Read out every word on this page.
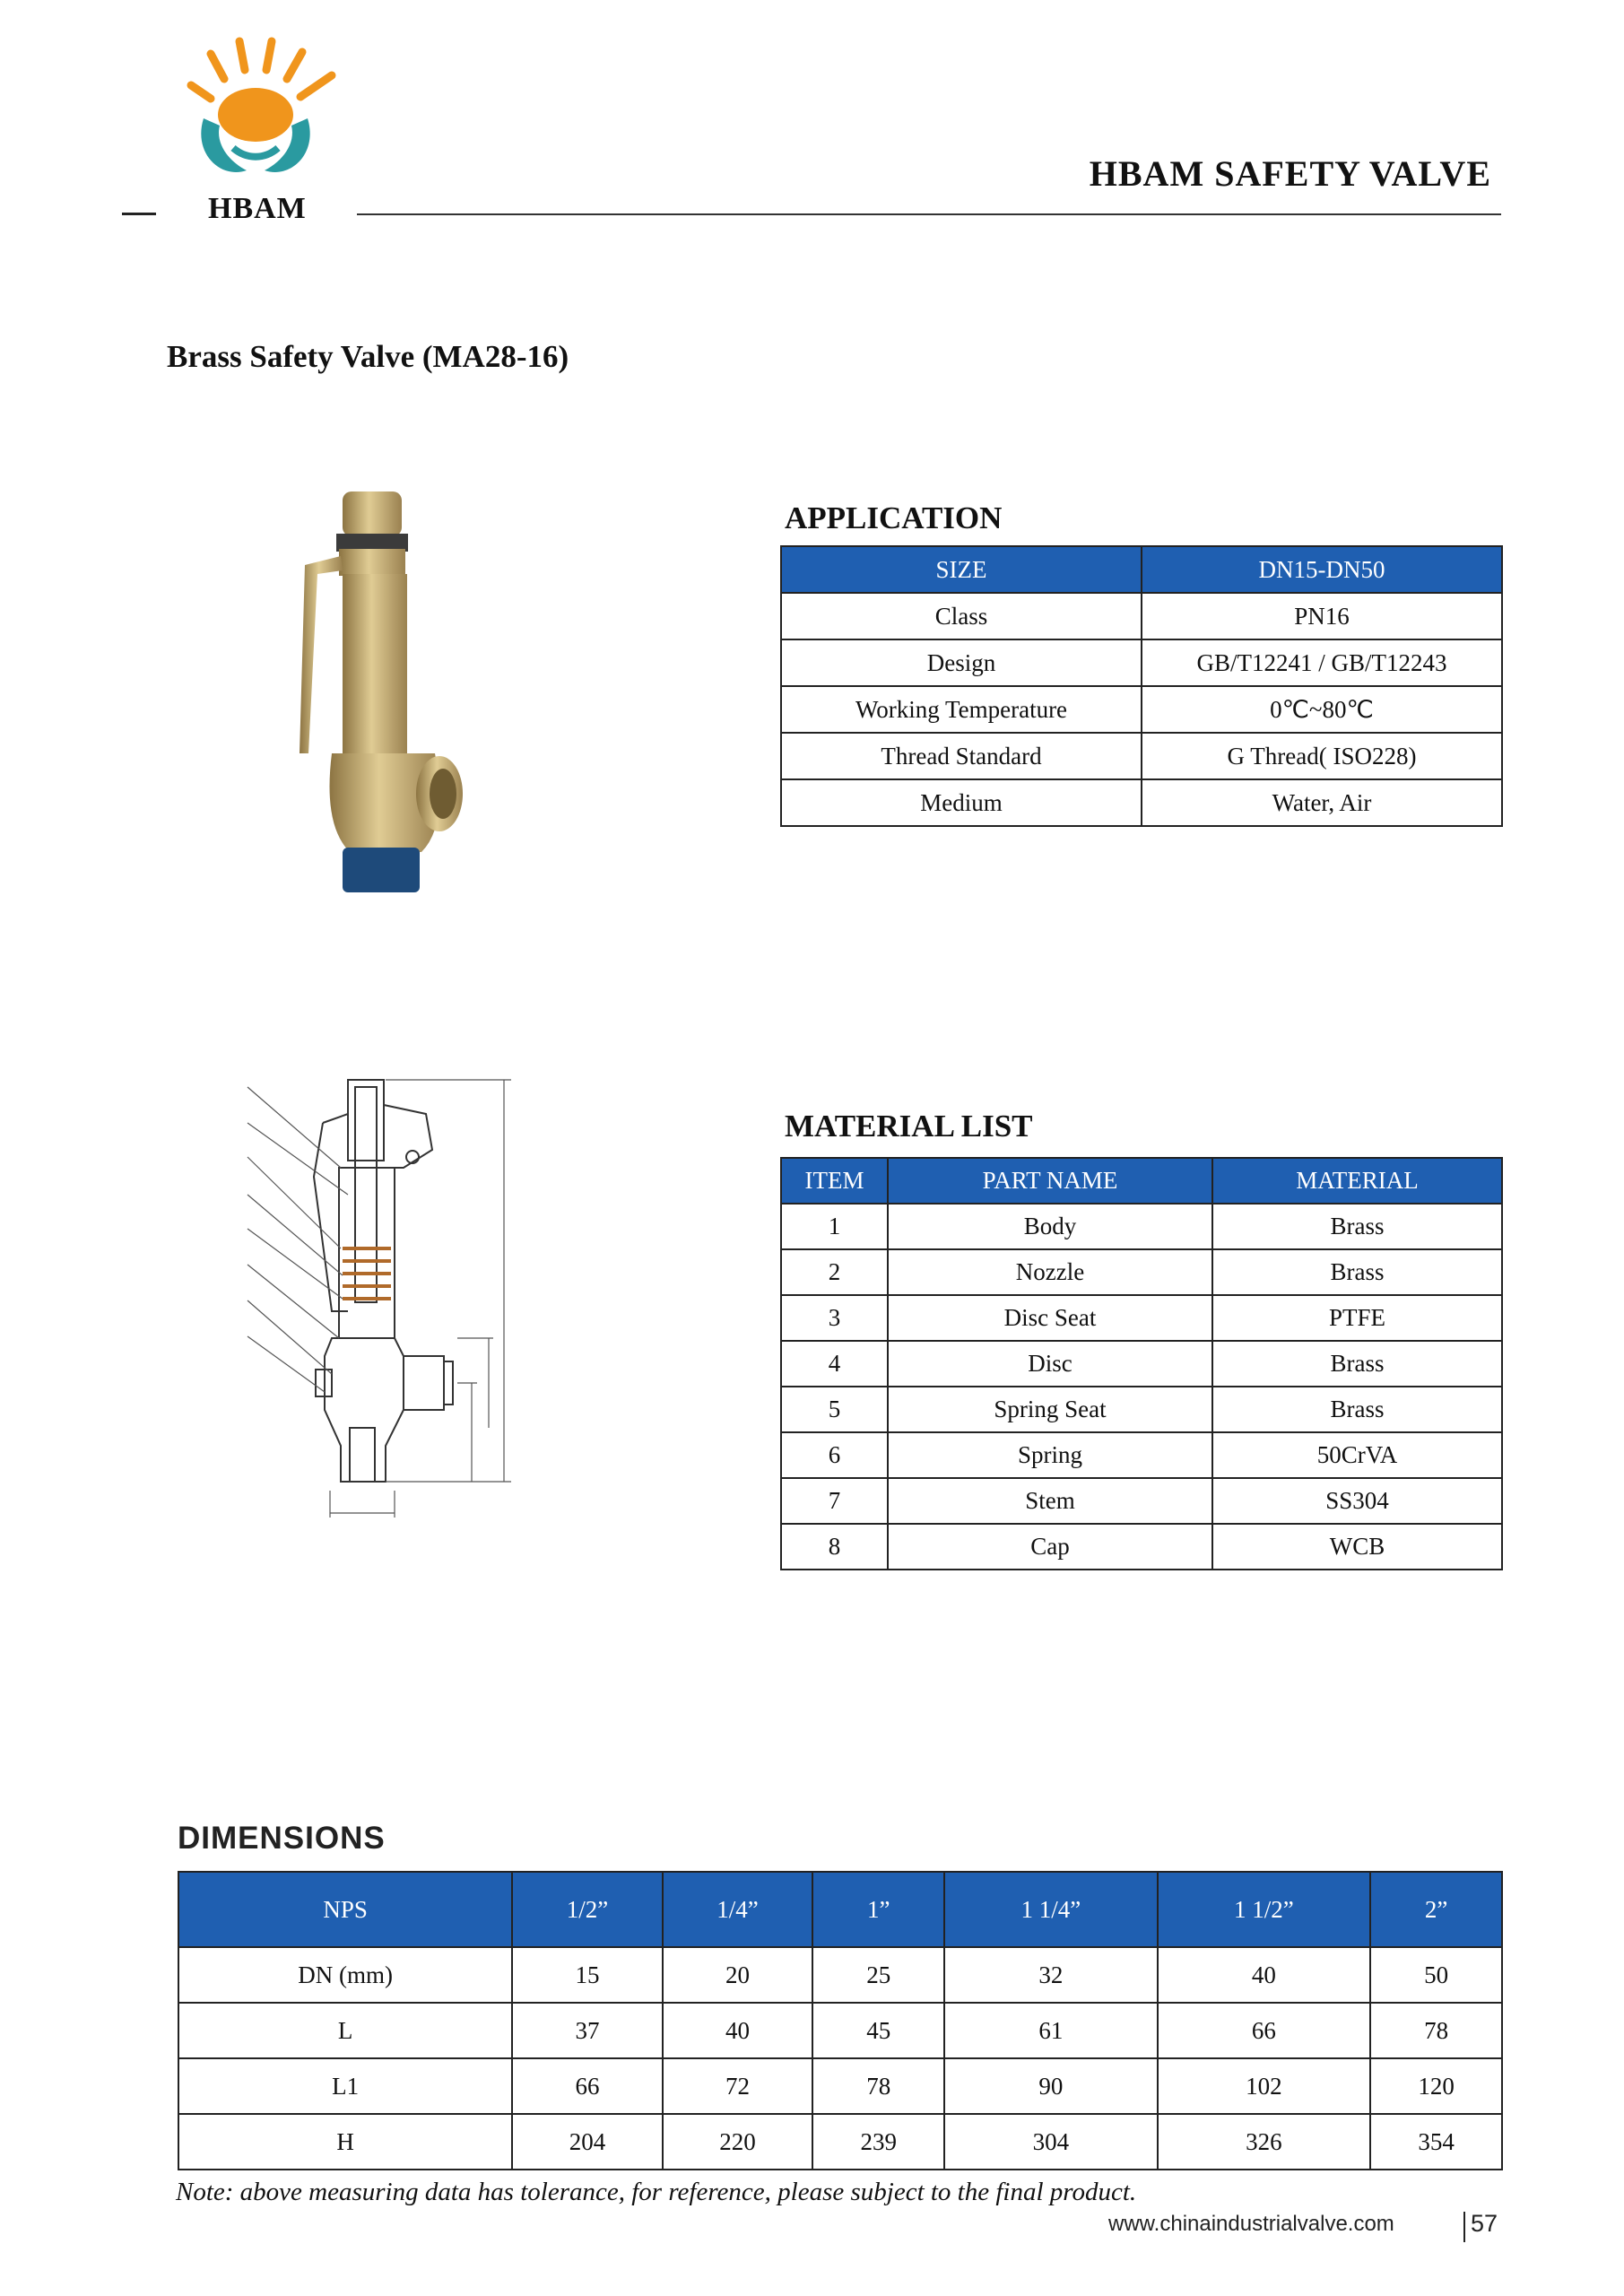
HBAM
HBAM SAFETY VALVE
Brass Safety Valve (MA28-16)
APPLICATION
SIZE	DN15-DN50
Class	PN16
Design	GB/T12241 / GB/T12243
Working Temperature	0℃~80℃
Thread Standard	G Thread( ISO228)
Medium	Water, Air
MATERIAL LIST
ITEM	PART NAME	MATERIAL
1	Body	Brass
2	Nozzle	Brass
3	Disc Seat	PTFE
4	Disc	Brass
5	Spring Seat	Brass
6	Spring	50CrVA
7	Stem	SS304
8	Cap	WCB
DIMENSIONS
NPS	1/2”	1/4”	1”	1 1/4”	1 1/2”	2”
DN (mm)	15	20	25	32	40	50
L	37	40	45	61	66	78
L1	66	72	78	90	102	120
H	204	220	239	304	326	354
Note: above measuring data has tolerance, for reference, please subject to the final product.
www.chinaindustrialvalve.com	57
